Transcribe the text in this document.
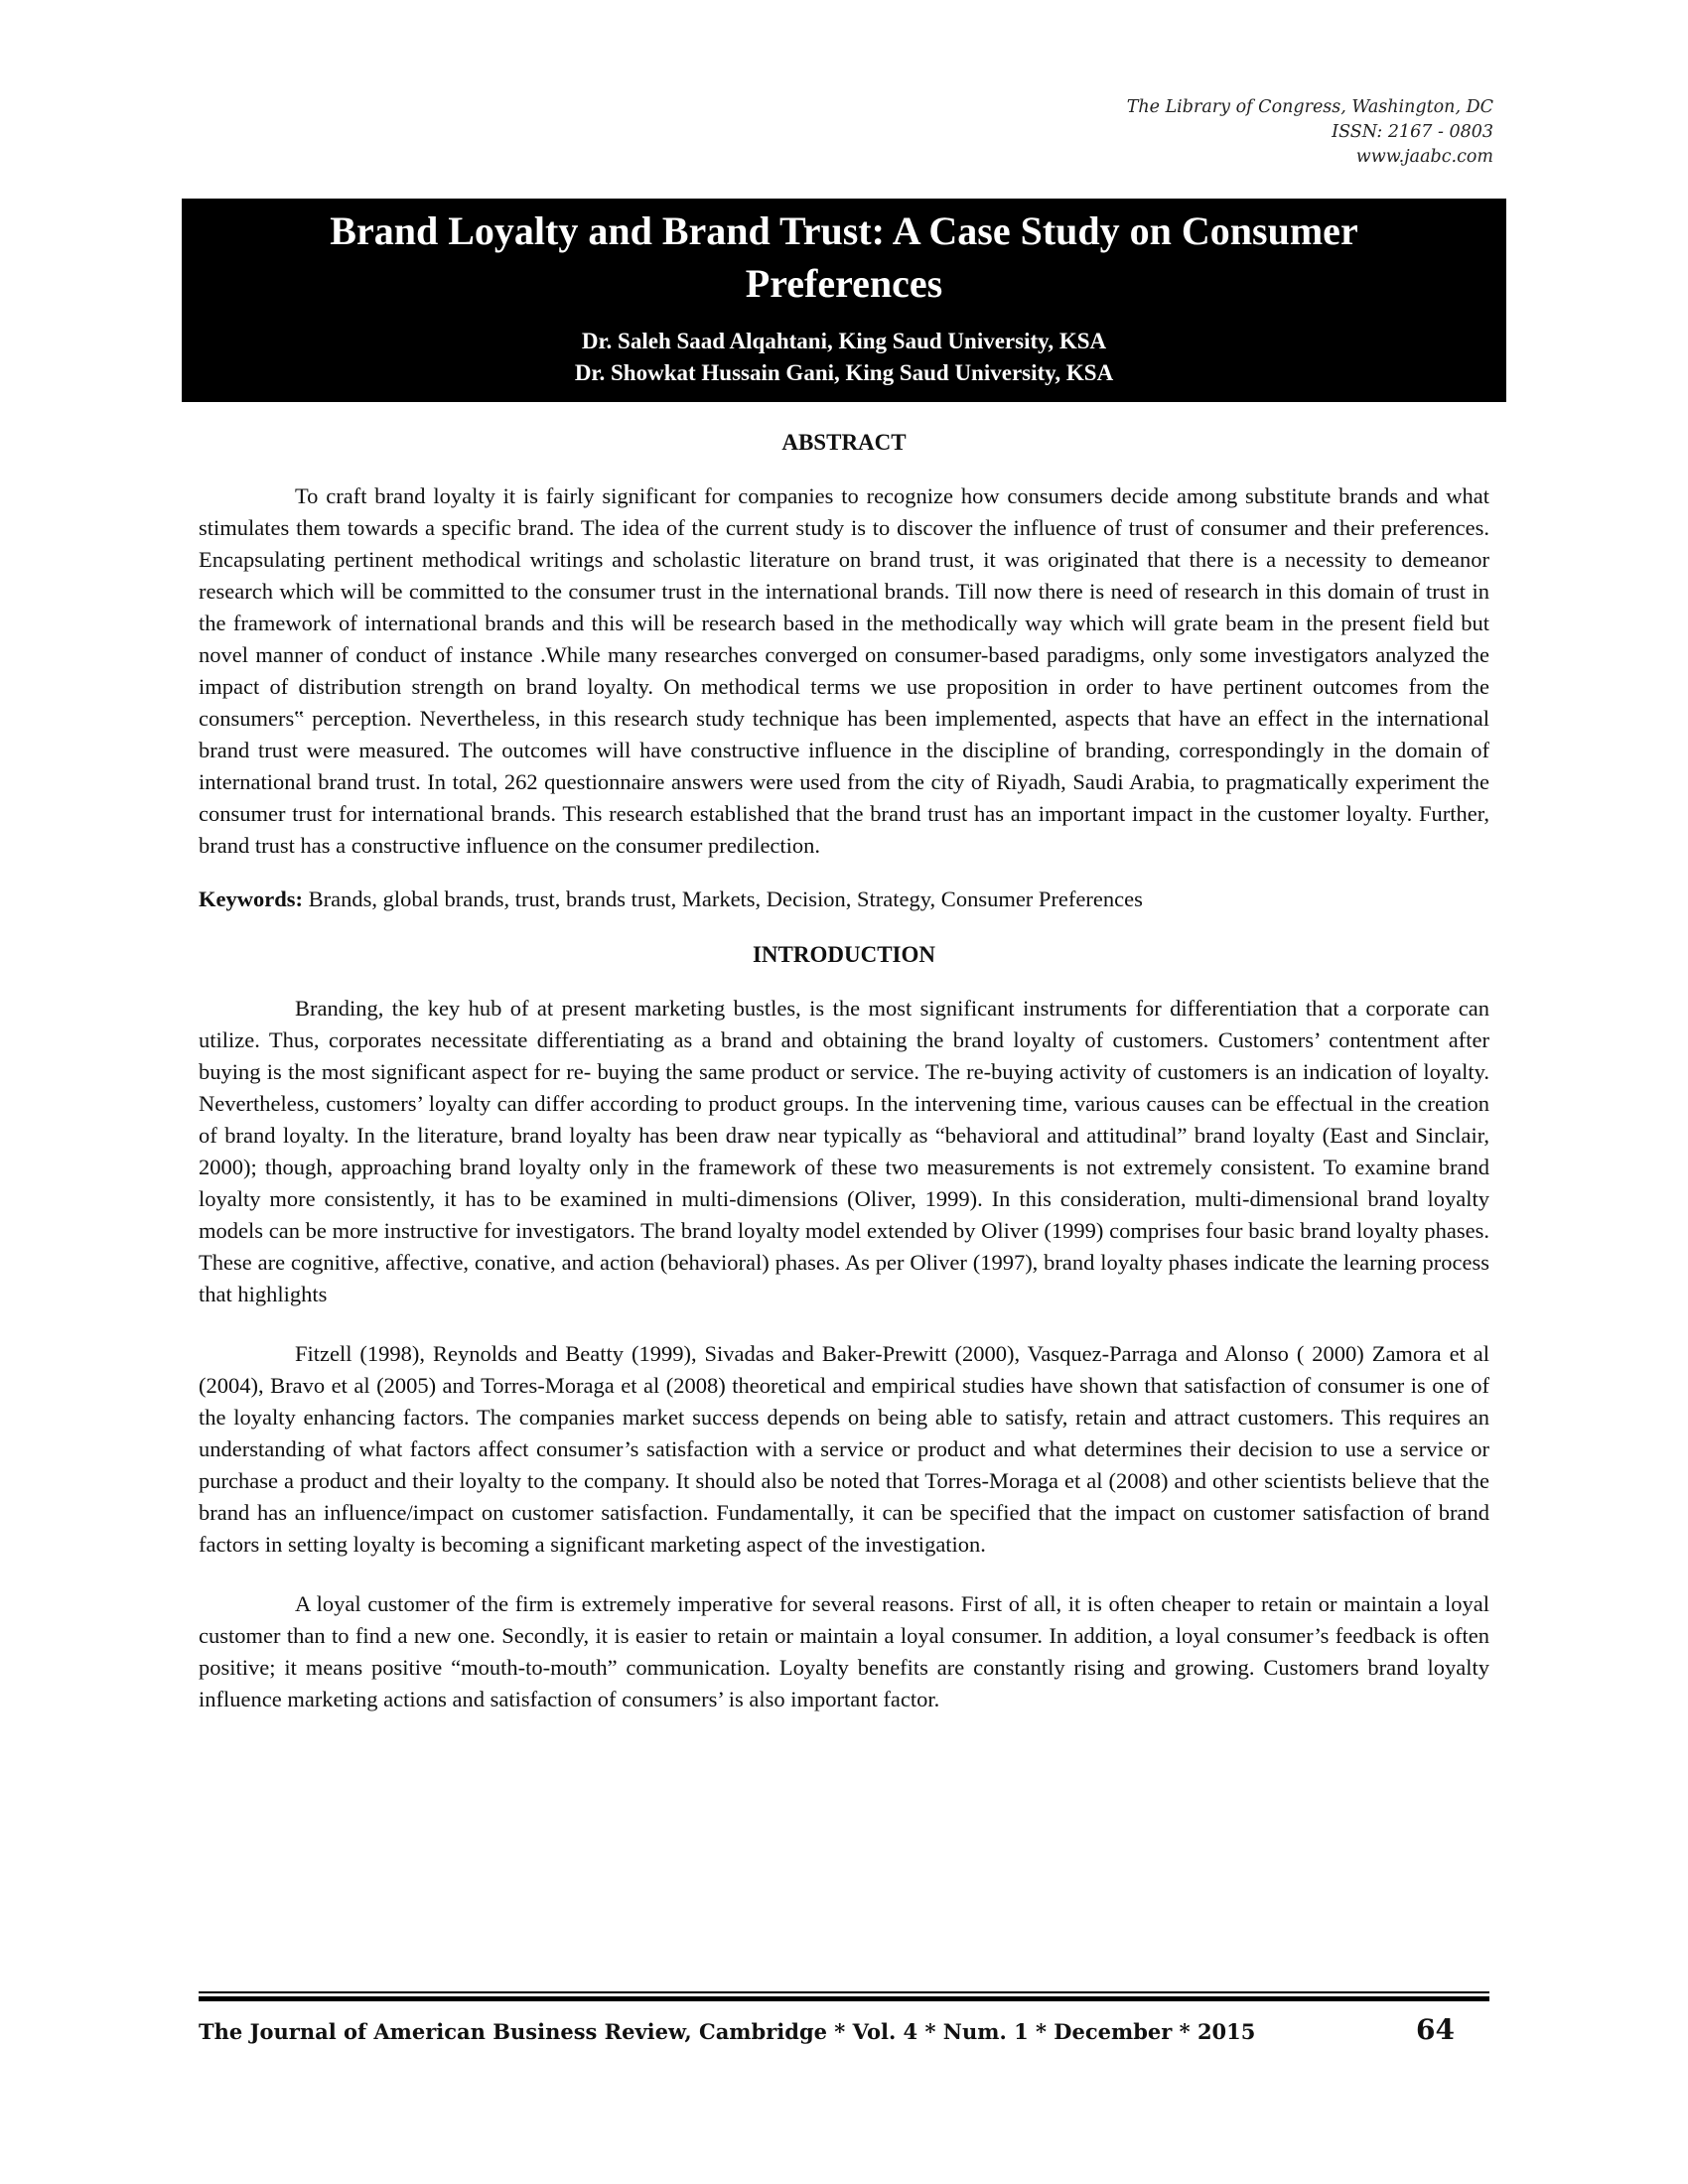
The Library of Congress, Washington, DC
ISSN: 2167 - 0803
www.jaabc.com
Brand Loyalty and Brand Trust: A Case Study on Consumer
Preferences
Dr. Saleh Saad Alqahtani, King Saud University, KSA
Dr. Showkat Hussain Gani, King Saud University, KSA
ABSTRACT

To craft brand loyalty it is fairly significant for companies to recognize how consumers decide among substitute brands and what stimulates them towards a specific brand. The idea of the current study is to discover the influence of trust of consumer and their preferences. Encapsulating pertinent methodical writings and scholastic literature on brand trust, it was originated that there is a necessity to demeanor research which will be committed to the consumer trust in the international brands. Till now there is need of research in this domain of trust in the framework of international brands and this will be research based in the methodically way which will grate beam in the present field but novel manner of conduct of instance .While many researches converged on consumer-based paradigms, only some investigators analyzed the impact of distribution strength on brand loyalty. On methodical terms we use proposition in order to have pertinent outcomes from the consumers‟ perception. Nevertheless, in this research study technique has been implemented, aspects that have an effect in the international brand trust were measured. The outcomes will have constructive influence in the discipline of branding, correspondingly in the domain of international brand trust. In total, 262 questionnaire answers were used from the city of Riyadh, Saudi Arabia, to pragmatically experiment the consumer trust for international brands. This research established that the brand trust has an important impact in the customer loyalty. Further, brand trust has a constructive influence on the consumer predilection.

Keywords: Brands, global brands, trust, brands trust, Markets, Decision, Strategy, Consumer Preferences

INTRODUCTION

Branding, the key hub of at present marketing bustles, is the most significant instruments for differentiation that a corporate can utilize. Thus, corporates necessitate differentiating as a brand and obtaining the brand loyalty of customers. Customers’ contentment after buying is the most significant aspect for re- buying the same product or service. The re-buying activity of customers is an indication of loyalty. Nevertheless, customers’ loyalty can differ according to product groups. In the intervening time, various causes can be effectual in the creation of brand loyalty. In the literature, brand loyalty has been draw near typically as “behavioral and attitudinal” brand loyalty (East and Sinclair, 2000); though, approaching brand loyalty only in the framework of these two measurements is not extremely consistent. To examine brand loyalty more consistently, it has to be examined in multi-dimensions (Oliver, 1999). In this consideration, multi-dimensional brand loyalty models can be more instructive for investigators. The brand loyalty model extended by Oliver (1999) comprises four basic brand loyalty phases. These are cognitive, affective, conative, and action (behavioral) phases. As per Oliver (1997), brand loyalty phases indicate the learning process that highlights

Fitzell (1998), Reynolds and Beatty (1999), Sivadas and Baker-Prewitt (2000), Vasquez-Parraga and Alonso ( 2000) Zamora et al (2004), Bravo et al (2005) and Torres-Moraga et al (2008) theoretical and empirical studies have shown that satisfaction of consumer is one of the loyalty enhancing factors. The companies market success depends on being able to satisfy, retain and attract customers. This requires an understanding of what factors affect consumer’s satisfaction with a service or product and what determines their decision to use a service or purchase a product and their loyalty to the company. It should also be noted that Torres-Moraga et al (2008) and other scientists believe that the brand has an influence/impact on customer satisfaction. Fundamentally, it can be specified that the impact on customer satisfaction of brand factors in setting loyalty is becoming a significant marketing aspect of the investigation.

A loyal customer of the firm is extremely imperative for several reasons. First of all, it is often cheaper to retain or maintain a loyal customer than to find a new one. Secondly, it is easier to retain or maintain a loyal consumer. In addition, a loyal consumer’s feedback is often positive; it means positive “mouth-to-mouth” communication. Loyalty benefits are constantly rising and growing. Customers brand loyalty influence marketing actions and satisfaction of consumers’ is also important factor.

The Journal of American Business Review, Cambridge * Vol. 4 * Num. 1 * December * 2015	64
